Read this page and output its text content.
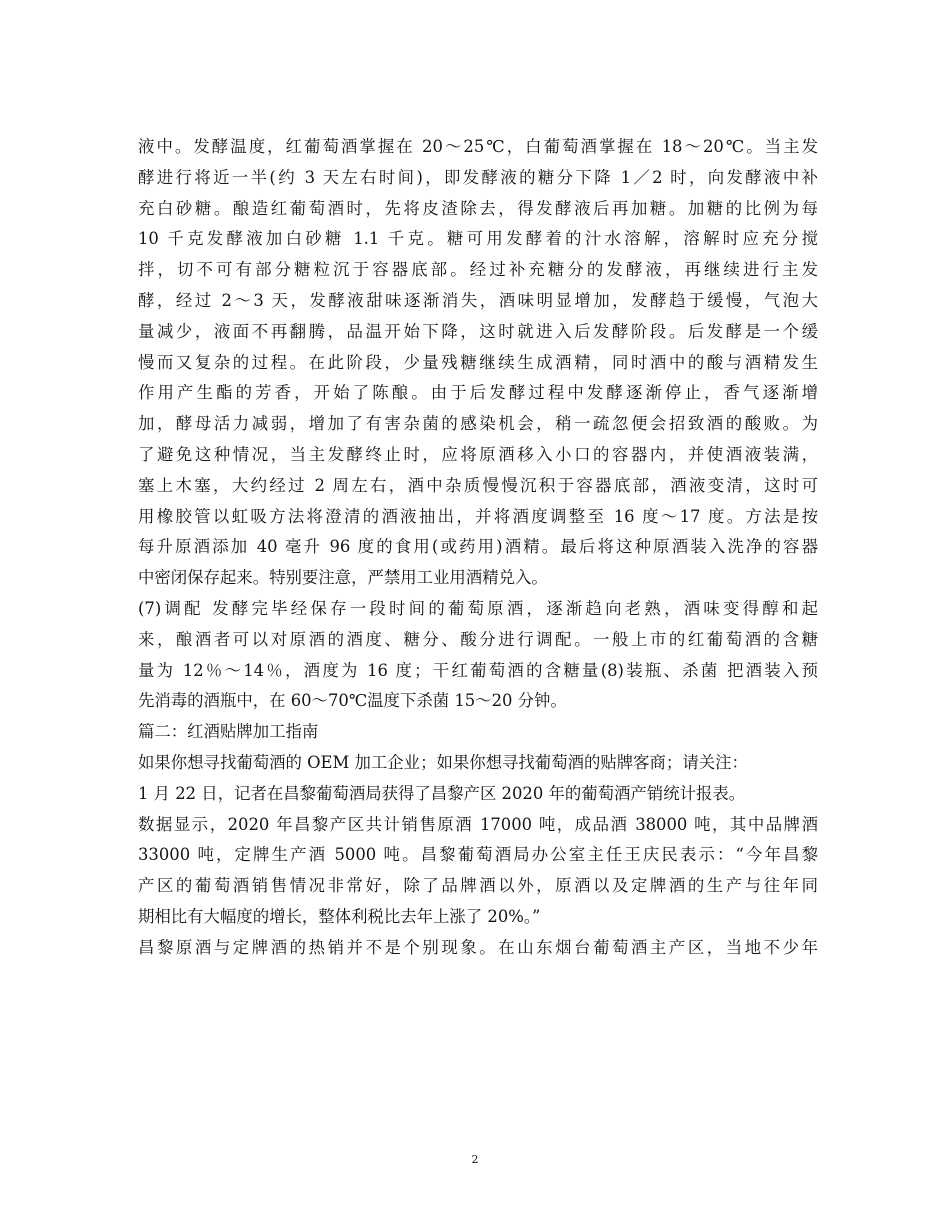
液中。发酵温度，红葡萄酒掌握在 20～25℃，白葡萄酒掌握在 18～20℃。当主发
酵进行将近一半(约 3 天左右时间)，即发酵液的糖分下降 1／2 时，向发酵液中补
充白砂糖。酿造红葡萄酒时，先将皮渣除去，得发酵液后再加糖。加糖的比例为每
10 千克发酵液加白砂糖 1.1 千克。糖可用发酵着的汁水溶解，溶解时应充分搅
拌，切不可有部分糖粒沉于容器底部。经过补充糖分的发酵液，再继续进行主发
酵，经过 2～3 天，发酵液甜味逐渐消失，酒味明显增加，发酵趋于缓慢，气泡大
量减少，液面不再翻腾，品温开始下降，这时就进入后发酵阶段。后发酵是一个缓
慢而又复杂的过程。在此阶段，少量残糖继续生成酒精，同时酒中的酸与酒精发生
作用产生酯的芳香，开始了陈酿。由于后发酵过程中发酵逐渐停止，香气逐渐增
加，酵母活力减弱，增加了有害杂菌的感染机会，稍一疏忽便会招致酒的酸败。为
了避免这种情况，当主发酵终止时，应将原酒移入小口的容器内，并使酒液装满，
塞上木塞，大约经过 2 周左右，酒中杂质慢慢沉积于容器底部，酒液变清，这时可
用橡胶管以虹吸方法将澄清的酒液抽出，并将酒度调整至 16 度～17 度。方法是按
每升原酒添加 40 毫升 96 度的食用(或药用)酒精。最后将这种原酒装入洗净的容器
中密闭保存起来。特别要注意，严禁用工业用酒精兑入。
(7)调配 发酵完毕经保存一段时间的葡萄原酒，逐渐趋向老熟，酒味变得醇和起
来，酿酒者可以对原酒的酒度、糖分、酸分进行调配。一般上市的红葡萄酒的含糖
量为 12％～14％，酒度为 16 度；干红葡萄酒的含糖量(8)装瓶、杀菌 把酒装入预
先消毒的酒瓶中，在 60～70℃温度下杀菌 15～20 分钟。
篇二：红酒贴牌加工指南
如果你想寻找葡萄酒的 OEM 加工企业；如果你想寻找葡萄酒的贴牌客商；请关注：
1 月 22 日，记者在昌黎葡萄酒局获得了昌黎产区 2020 年的葡萄酒产销统计报表。
数据显示，2020 年昌黎产区共计销售原酒 17000 吨，成品酒 38000 吨，其中品牌酒
33000 吨，定牌生产酒 5000 吨。昌黎葡萄酒局办公室主任王庆民表示：“今年昌黎
产区的葡萄酒销售情况非常好，除了品牌酒以外，原酒以及定牌酒的生产与往年同
期相比有大幅度的增长，整体利税比去年上涨了 20%。”
昌黎原酒与定牌酒的热销并不是个别现象。在山东烟台葡萄酒主产区，当地不少年
2
